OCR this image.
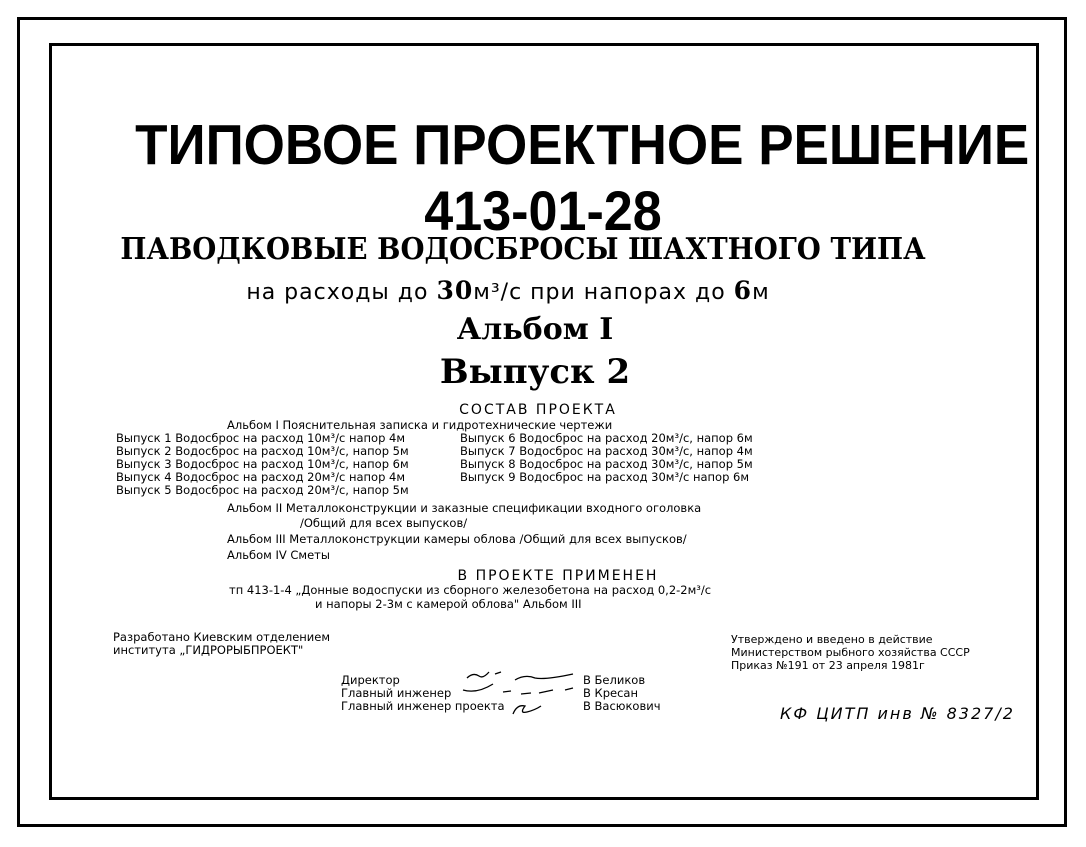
ТИПОВОЕ ПРОЕКТНОЕ РЕШЕНИЕ
413-01-28
ПАВОДКОВЫЕ ВОДОСБРОСЫ ШАХТНОГО ТИПА
на расходы до 30м³/с при напорах до 6м
Альбом I
Выпуск 2
СОСТАВ ПРОЕКТА
Альбом I Пояснительная записка и гидротехнические чертежи
Выпуск 1 Водосброс на расход 10м³/с напор 4м
Выпуск 2 Водосброс на расход 10м³/с, напор 5м
Выпуск 3 Водосброс на расход 10м³/с, напор 6м
Выпуск 4 Водосброс на расход 20м³/с напор 4м
Выпуск 5 Водосброс на расход 20м³/с, напор 5м
Выпуск 6 Водосброс на расход 20м³/с, напор 6м
Выпуск 7 Водосброс на расход 30м³/с, напор 4м
Выпуск 8 Водосброс на расход 30м³/с, напор 5м
Выпуск 9 Водосброс на расход 30м³/с напор 6м
Альбом II Металлоконструкции и заказные спецификации входного оголовка
/Общий для всех выпусков/
Альбом III Металлоконструкции камеры облова /Общий для всех выпусков/
Альбом IV Сметы
В ПРОЕКТЕ ПРИМЕНЕН
тп 413-1-4 „Донные водоспуски из сборного железобетона на расход 0,2-2м³/с
и напоры 2-3м с камерой облова" Альбом III
Разработано Киевским отделением
института „ГИДРОРЫБПРОЕКТ"
Утверждено и введено в действие
Министерством рыбного хозяйства СССР
Приказ №191 от 23 апреля 1981г
Директор
Главный инженер
Главный инженер проекта
В Беликов
В Кресан
В Васюкович	КФ ЦИТП инв № 8327/2
